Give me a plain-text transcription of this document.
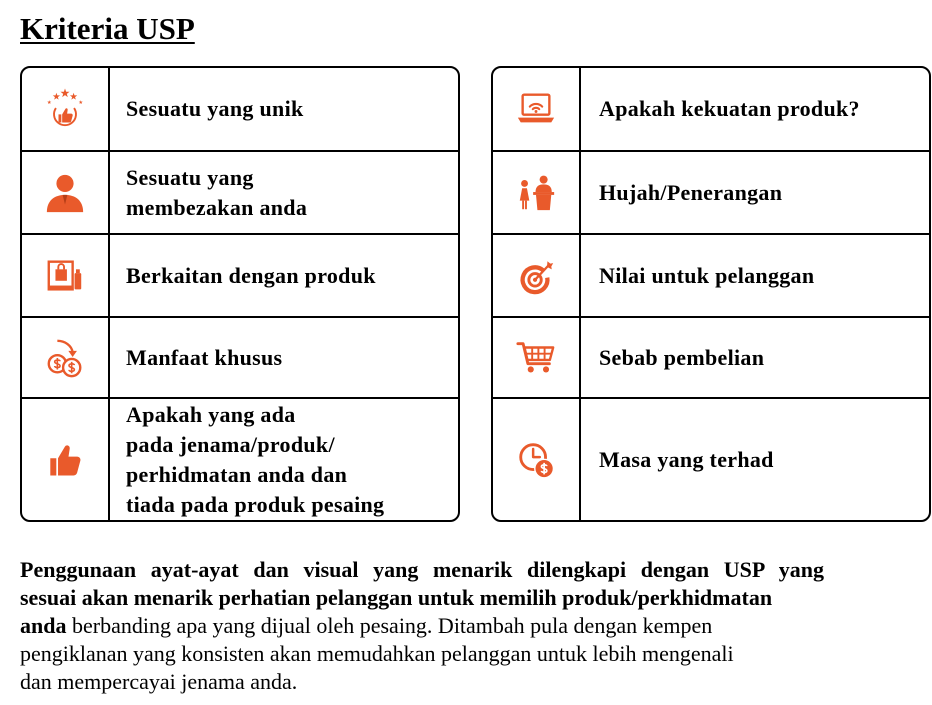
Kriteria USP
Sesuatu yang unik
Sesuatu yang
membezakan anda
Berkaitan dengan produk
Manfaat khusus
Apakah yang ada
pada jenama/produk/
perhidmatan anda dan
tiada pada produk pesaing
Apakah kekuatan produk?
Hujah/Penerangan
Nilai untuk pelanggan
Sebab pembelian
Masa yang terhad
Penggunaan ayat-ayat dan visual yang menarik dilengkapi dengan USP yang
sesuai akan menarik perhatian pelanggan untuk memilih produk/perkhidmatan
anda berbanding apa yang dijual oleh pesaing. Ditambah pula dengan kempen
pengiklanan yang konsisten akan memudahkan pelanggan untuk lebih mengenali
dan mempercayai jenama anda.
